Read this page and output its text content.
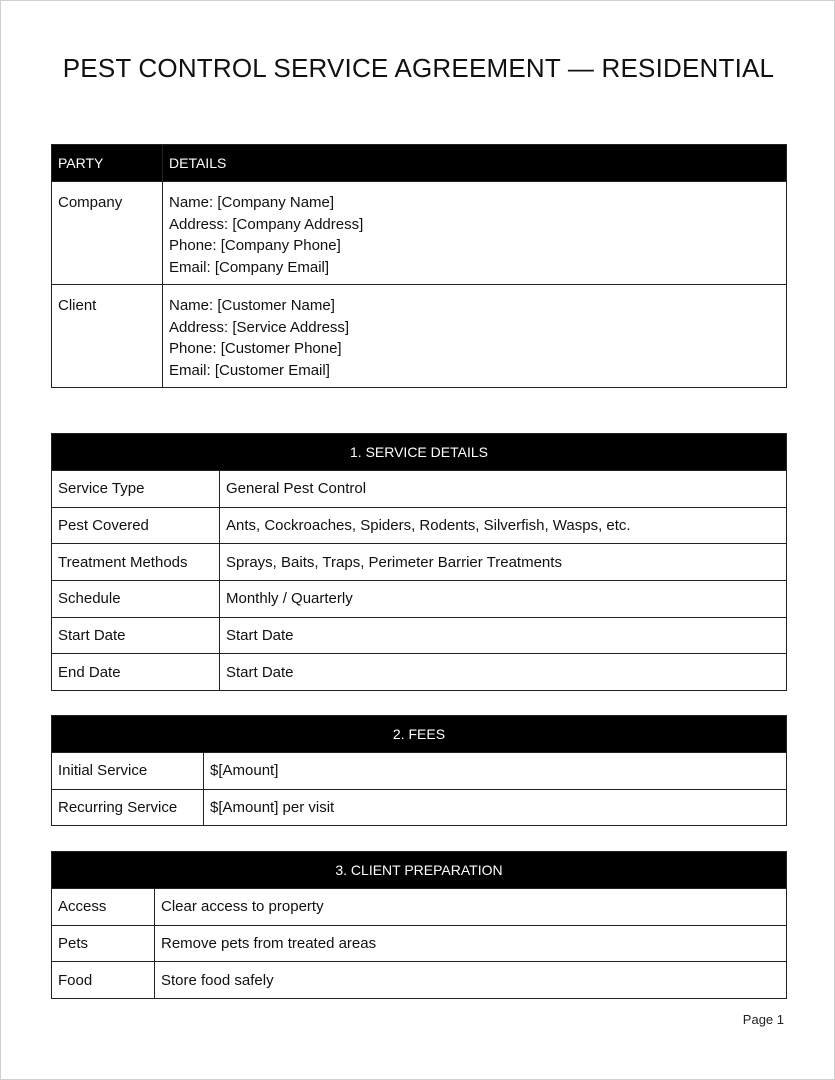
PEST CONTROL SERVICE AGREEMENT — RESIDENTIAL
PARTY	DETAILS
Company	Name: [Company Name]
Address: [Company Address]
Phone: [Company Phone]
Email: [Company Email]

Client	Name: [Customer Name]
Address: [Service Address]
Phone: [Customer Phone]
Email: [Customer Email]
1. SERVICE DETAILS	
Service Type	General Pest Control
Pest Covered	Ants, Cockroaches, Spiders, Rodents, Silverfish, Wasps, etc.
Treatment Methods	Sprays, Baits, Traps, Perimeter Barrier Treatments
Schedule	Monthly / Quarterly
Start Date	Start Date
End Date	Start Date
2. FEES	
Initial Service	$[Amount]
Recurring Service	$[Amount] per visit
3. CLIENT PREPARATION	
Access	Clear access to property
Pets	Remove pets from treated areas
Food	Store food safely
Page 1
